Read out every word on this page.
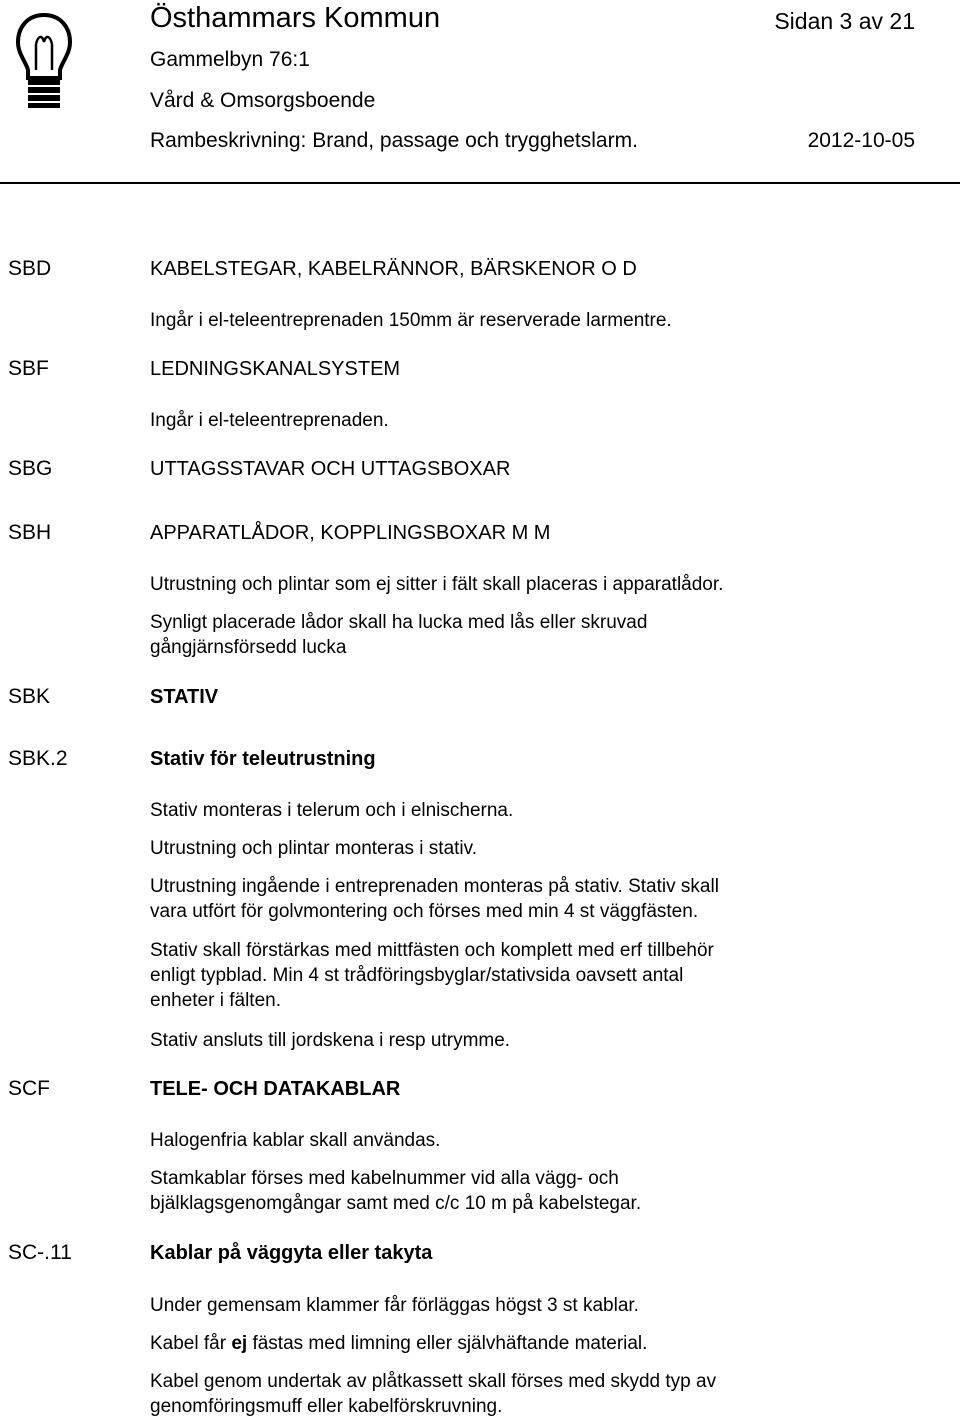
Östhammars Kommun	Sidan 3 av 21
Gammelbyn 76:1
Vård & Omsorgsboende
Rambeskrivning: Brand, passage och trygghetslarm.	2012-10-05
SBD	KABELSTEGAR, KABELRÄNNOR, BÄRSKENOR O D
Ingår i el-teleentreprenaden 150mm är reserverade larmentre.
SBF	LEDNINGSKANALSYSTEM
Ingår i el-teleentreprenaden.
SBG	UTTAGSSTAVAR OCH UTTAGSBOXAR
SBH	APPARATLÅDOR, KOPPLINGSBOXAR M M
Utrustning och plintar som ej sitter i fält skall placeras i apparatlådor.
Synligt placerade lådor skall ha lucka med lås eller skruvad
gångjärnsförsedd lucka
SBK	STATIV
SBK.2	Stativ för teleutrustning
Stativ monteras i telerum och i elnischerna.
Utrustning och plintar monteras i stativ.
Utrustning ingående i entreprenaden monteras på stativ. Stativ skall
vara utfört för golvmontering och förses med min 4 st väggfästen.
Stativ skall förstärkas med mittfästen och komplett med erf tillbehör
enligt typblad. Min 4 st trådföringsbyglar/stativsida oavsett antal
enheter i fälten.
Stativ ansluts till jordskena i resp utrymme.
SCF	TELE- OCH DATAKABLAR
Halogenfria kablar skall användas.
Stamkablar förses med kabelnummer vid alla vägg- och
bjälklagsgenomgångar samt med c/c 10 m på kabelstegar.
SC-.11	Kablar på väggyta eller takyta
Under gemensam klammer får förläggas högst 3 st kablar.
Kabel får ej fästas med limning eller självhäftande material.
Kabel genom undertak av plåtkassett skall förses med skydd typ av
genomföringsmuff eller kabelförskruvning.
